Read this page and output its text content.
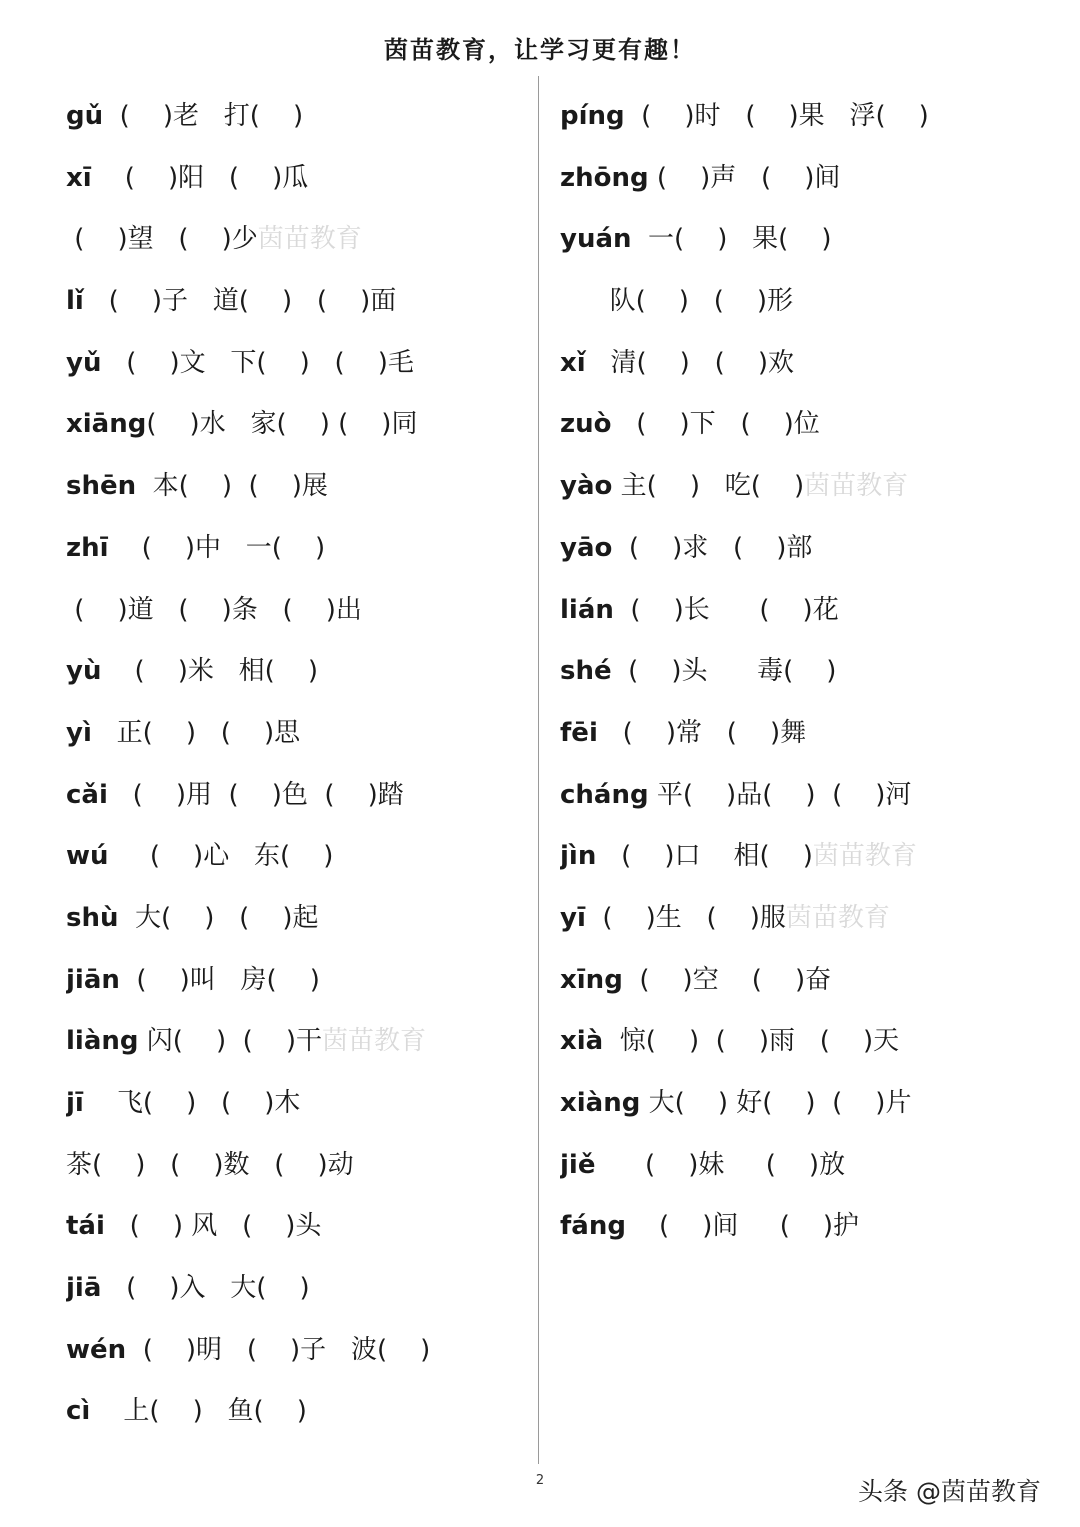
茵苗教育，让学习更有趣！
gǔ  (    )老   打(    )
xī    (    )阳   (    )瓜
(    )望   (    )少茵苗教育
lǐ   (    )子   道(    )   (    )面
yǔ   (    )文   下(    )   (    )毛
xiāng(    )水   家(    ) (    )同
shēn  本(    )  (    )展
zhī    (    )中   一(    )
(    )道   (    )条   (    )出
yù    (    )米   相(    )
yì   正(    )   (    )思
cǎi   (    )用  (    )色  (    )踏
wú     (    )心   东(    )
shù  大(    )   (    )起
jiān  (    )叫   房(    )
liàng 闪(    )  (    )干茵苗教育
jī    飞(    )   (    )木
茶(    )   (    )数   (    )动
tái   (    ) 风   (    )头
jiā   (    )入   大(    )
wén  (    )明   (    )子   波(    )
cì    上(    )   鱼(    )
píng  (    )时   (    )果   浮(    )
zhōng (    )声   (    )间
yuán  一(    )   果(    )
队(    )   (    )形
xǐ   清(    )   (    )欢
zuò   (    )下   (    )位
yào 主(    )   吃(    )茵苗教育
yāo  (    )求   (    )部
lián  (    )长      (    )花
shé  (    )头      毒(    )
fēi   (    )常   (    )舞
cháng 平(    )品(    )  (    )河
jìn   (    )口    相(    )茵苗教育
yī  (    )生   (    )服茵苗教育
xīng  (    )空    (    )奋
xià  惊(    )  (    )雨   (    )天
xiàng 大(    ) 好(    )  (    )片
jiě      (    )妹     (    )放
fáng    (    )间     (    )护
2	头条 @茵苗教育
